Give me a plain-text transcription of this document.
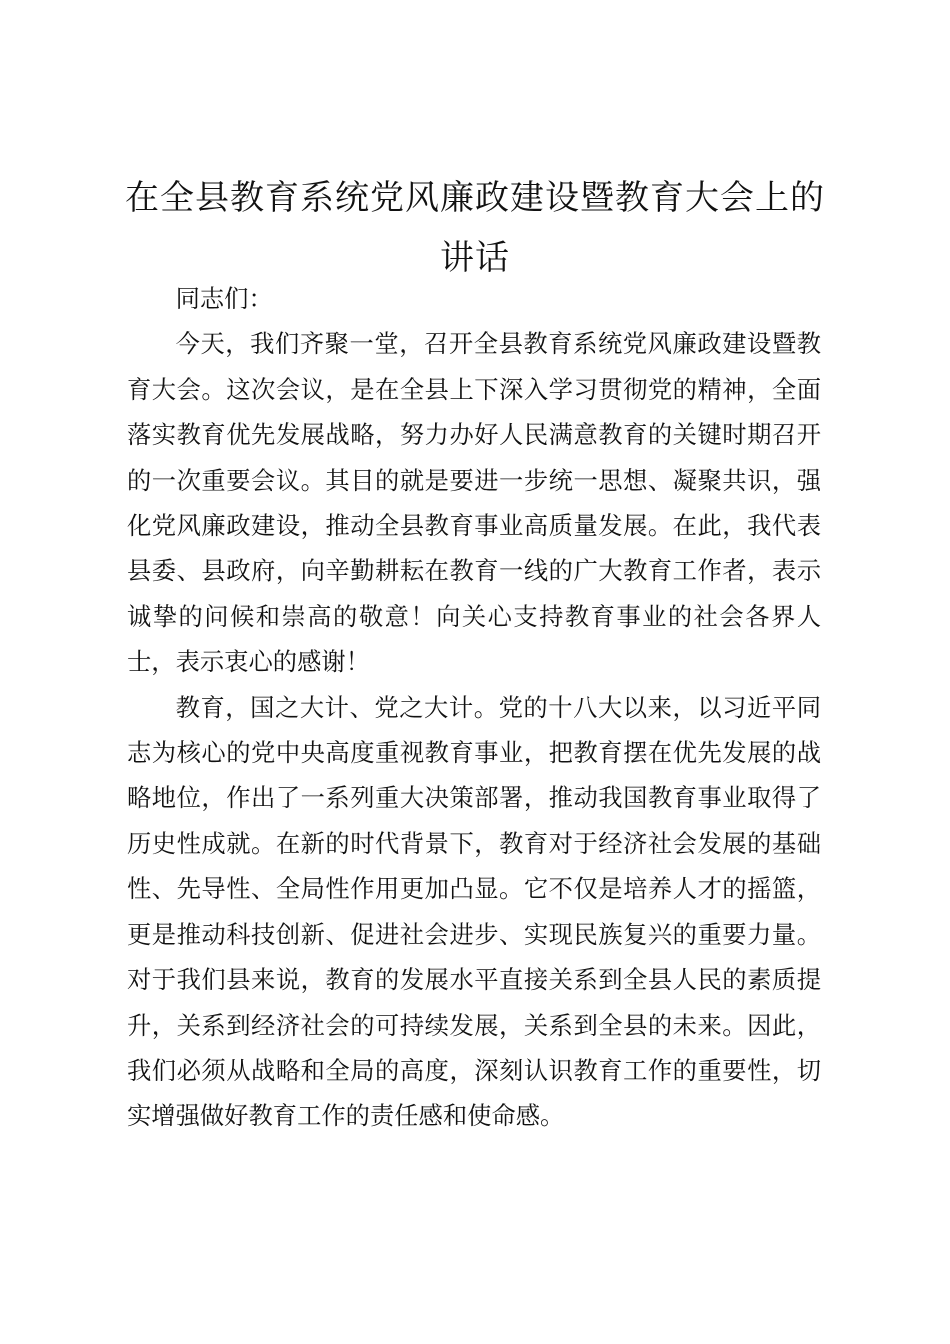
在全县教育系统党风廉政建设暨教育大会上的讲话

同志们：

今天，我们齐聚一堂，召开全县教育系统党风廉政建设暨教育大会。这次会议，是在全县上下深入学习贯彻党的精神，全面落实教育优先发展战略，努力办好人民满意教育的关键时期召开的一次重要会议。其目的就是要进一步统一思想、凝聚共识，强化党风廉政建设，推动全县教育事业高质量发展。在此，我代表县委、县政府，向辛勤耕耘在教育一线的广大教育工作者，表示诚挚的问候和崇高的敬意！向关心支持教育事业的社会各界人士，表示衷心的感谢！

教育，国之大计、党之大计。党的十八大以来，以习近平同志为核心的党中央高度重视教育事业，把教育摆在优先发展的战略地位，作出了一系列重大决策部署，推动我国教育事业取得了历史性成就。在新的时代背景下，教育对于经济社会发展的基础性、先导性、全局性作用更加凸显。它不仅是培养人才的摇篮，更是推动科技创新、促进社会进步、实现民族复兴的重要力量。对于我们县来说，教育的发展水平直接关系到全县人民的素质提升，关系到经济社会的可持续发展，关系到全县的未来。因此，我们必须从战略和全局的高度，深刻认识教育工作的重要性，切实增强做好教育工作的责任感和使命感。
